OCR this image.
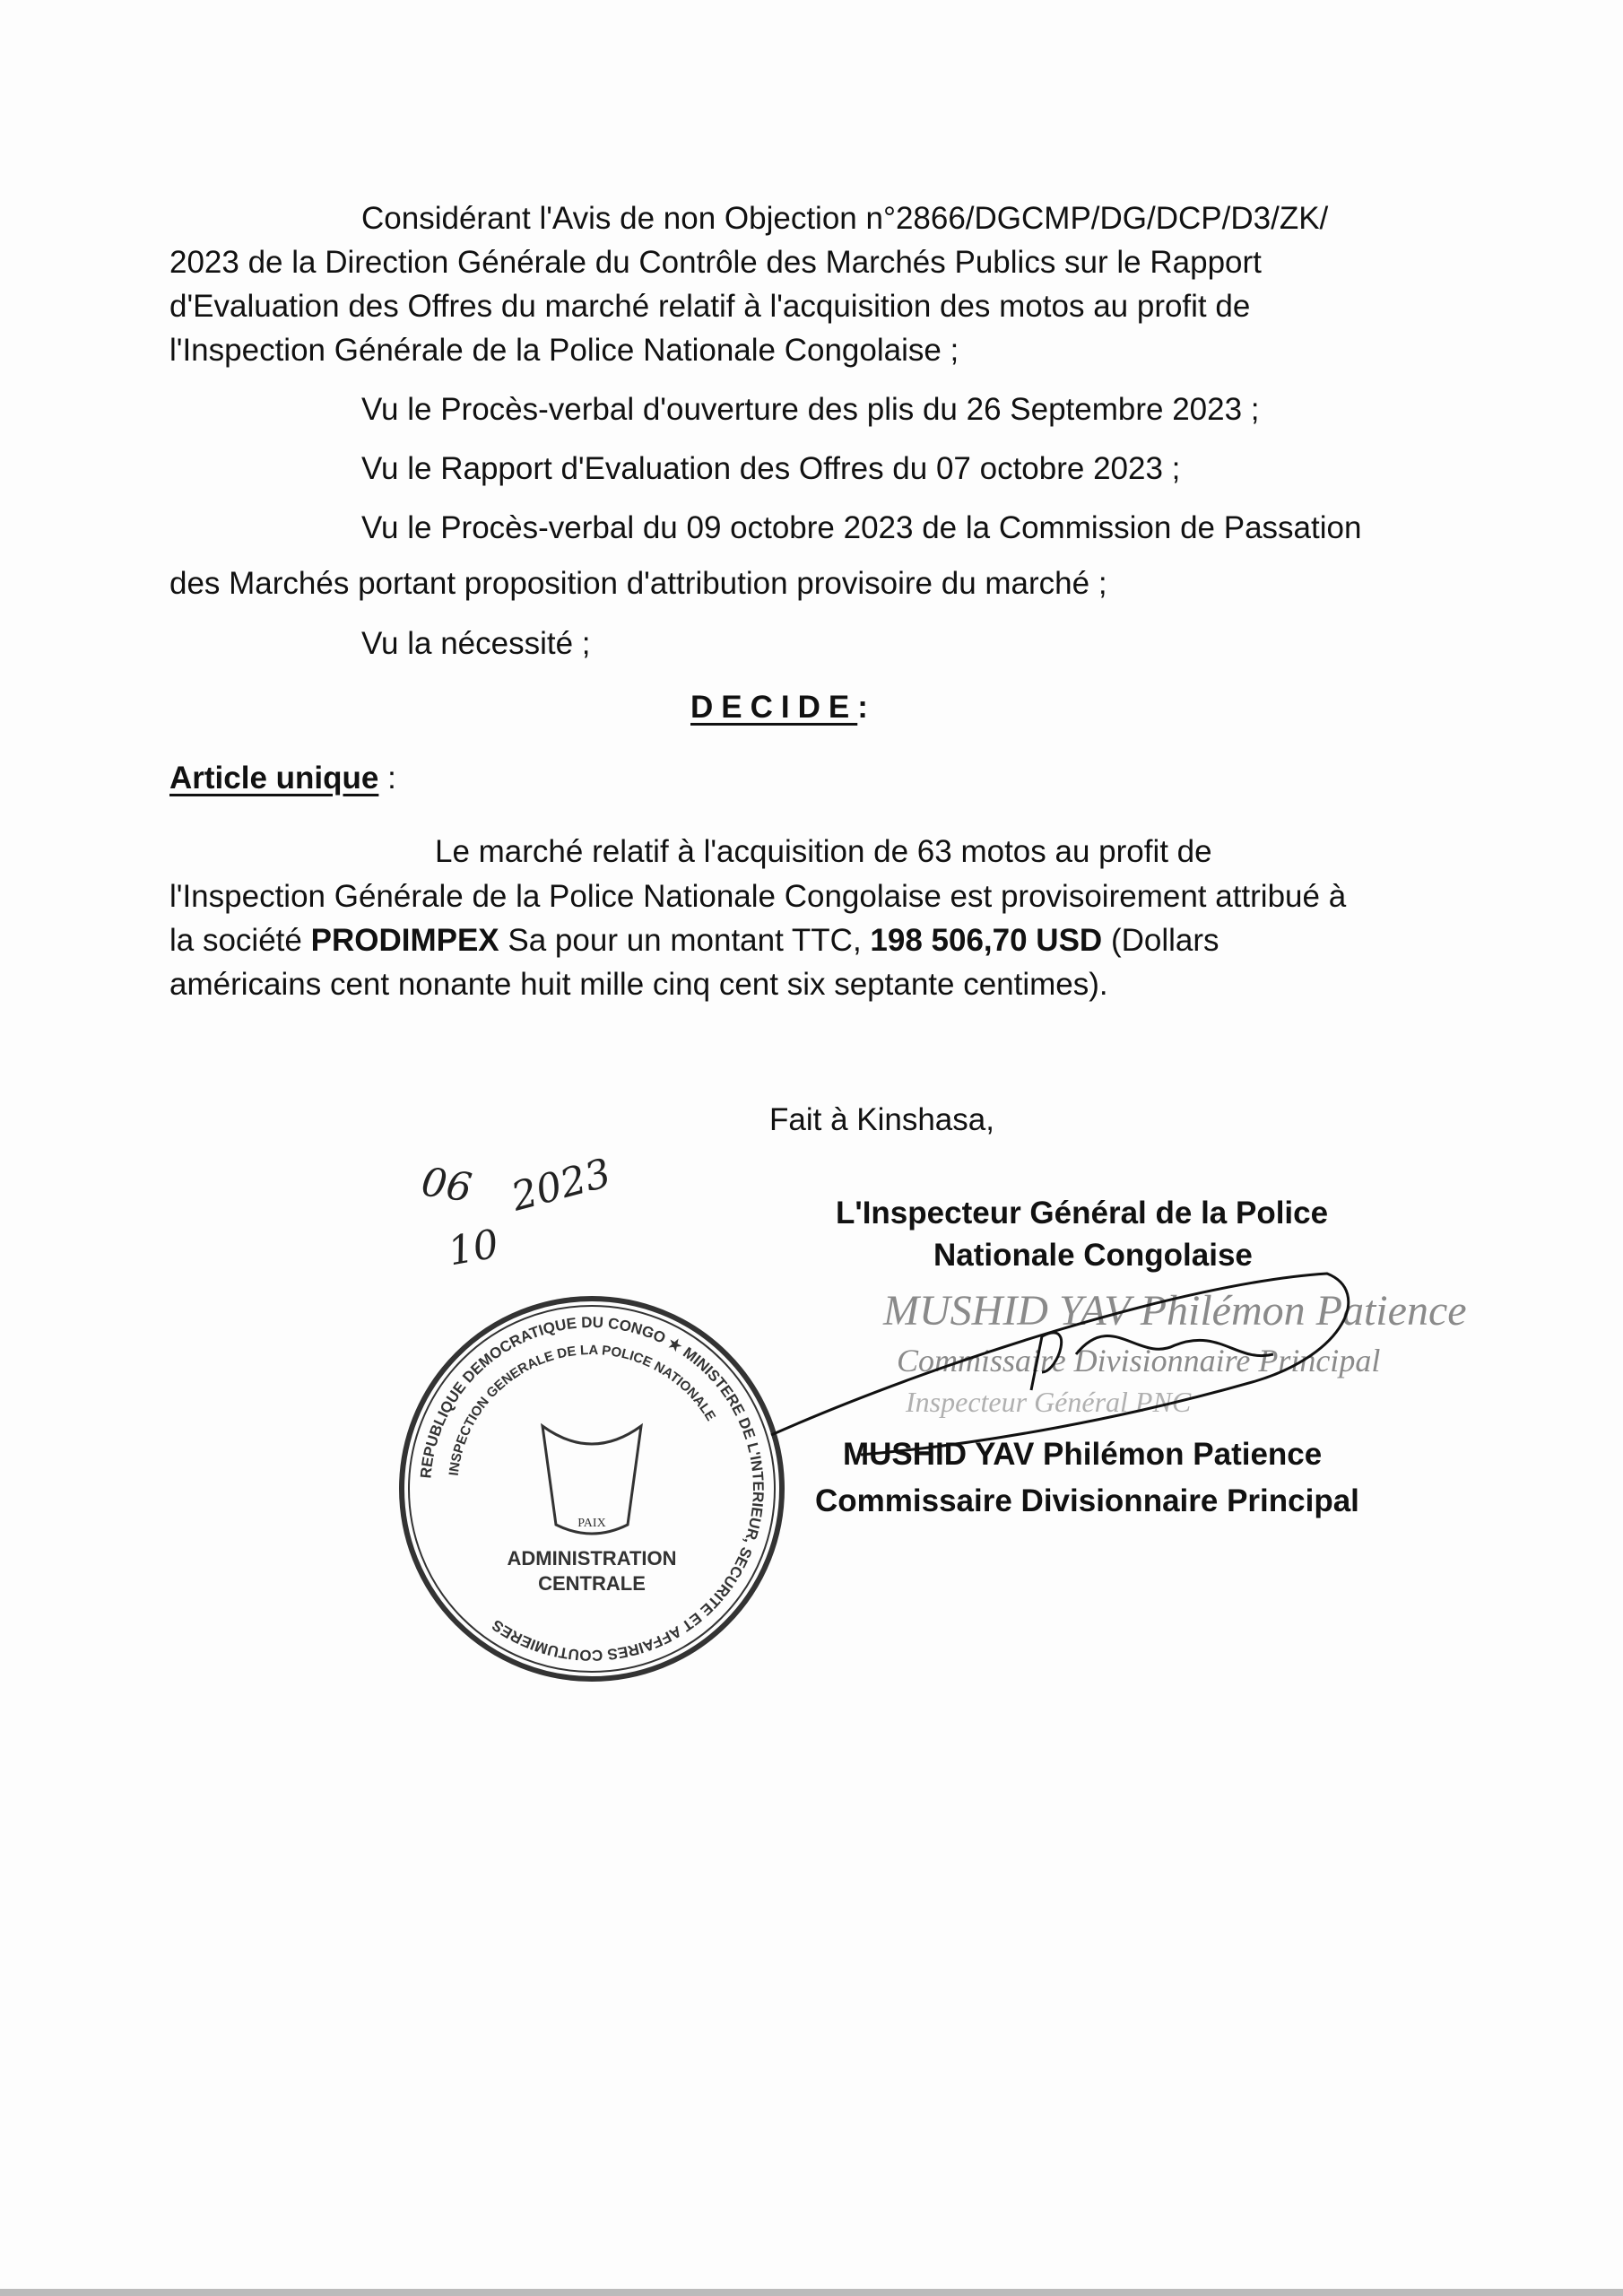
Considérant l'Avis de non Objection n°2866/DGCMP/DG/DCP/D3/ZK/
2023 de la Direction Générale du Contrôle des Marchés Publics sur le Rapport
d'Evaluation des Offres du marché relatif à l'acquisition des motos au profit de
l'Inspection Générale de la Police Nationale Congolaise ;
Vu le Procès-verbal d'ouverture des plis du 26 Septembre 2023 ;
Vu le Rapport d'Evaluation des Offres du 07 octobre 2023 ;
Vu le Procès-verbal du 09 octobre 2023 de la Commission de Passation
des Marchés portant proposition d'attribution provisoire du marché ;
Vu la nécessité ;
DECIDE:
Article unique :
Le marché relatif à l'acquisition de 63 motos au profit de
l'Inspection Générale de la Police Nationale Congolaise est provisoirement attribué à
la société PRODIMPEX Sa pour un montant TTC, 198 506,70 USD (Dollars
américains cent nonante huit mille cinq cent six septante centimes).
Fait à Kinshasa,
L'Inspecteur Général de la Police
Nationale Congolaise
MUSHID YAV Philémon Patience
Commissaire Divisionnaire Principal
Inspecteur Général PNC
MUSHID YAV Philémon Patience
Commissaire Divisionnaire Principal
REPUBLIQUE DEMOCRATIQUE DU CONGO ★ MINISTERE DE L'INTERIEUR, SECURITE ET AFFAIRES COUTUMIERES
INSPECTION GENERALE DE LA POLICE NATIONALE
PAIX
ADMINISTRATION
CENTRALE
06 2023
10
